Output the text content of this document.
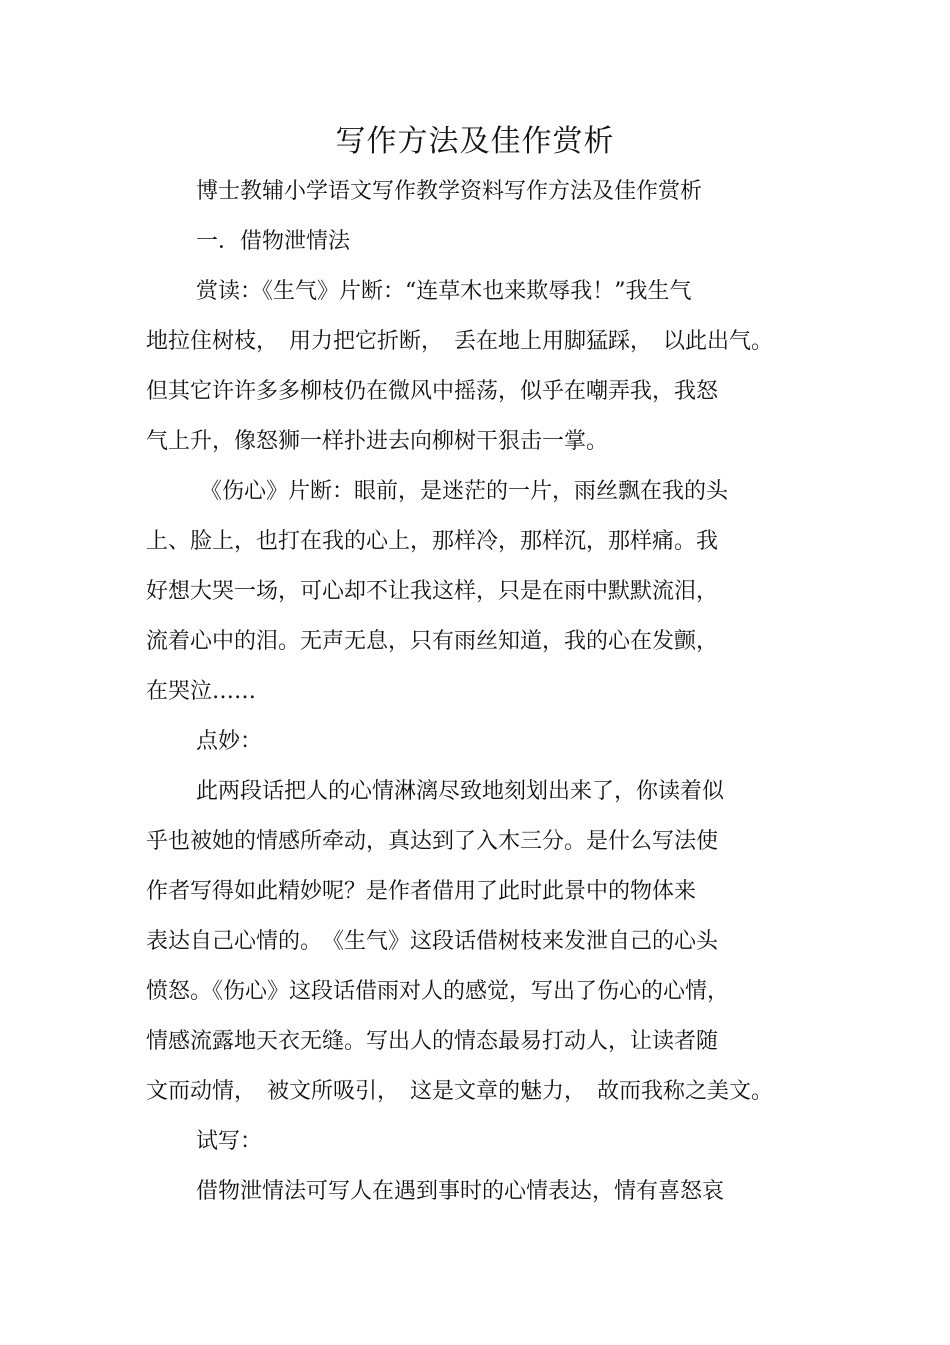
写作方法及佳作赏析
博士教辅小学语文写作教学资料写作方法及佳作赏析
一．借物泄情法
赏读：《生气》片断：“连草木也来欺辱我！”我生气
地拉住树枝，　用力把它折断，　丢在地上用脚猛踩，　以此出气。
但其它许许多多柳枝仍在微风中摇荡，似乎在嘲弄我，我怒
气上升，像怒狮一样扑进去向柳树干狠击一掌。
《伤心》片断：眼前，是迷茫的一片，雨丝飘在我的头
上、脸上，也打在我的心上，那样冷，那样沉，那样痛。我
好想大哭一场，可心却不让我这样，只是在雨中默默流泪，
流着心中的泪。无声无息，只有雨丝知道，我的心在发颤，
在哭泣……
点妙：
此两段话把人的心情淋漓尽致地刻划出来了，你读着似
乎也被她的情感所牵动，真达到了入木三分。是什么写法使
作者写得如此精妙呢？是作者借用了此时此景中的物体来
表达自己心情的。　《生气》这段话借树枝来发泄自己的心头
愤怒。《伤心》这段话借雨对人的感觉，写出了伤心的心情，
情感流露地天衣无缝。写出人的情态最易打动人，让读者随
文而动情，　被文所吸引，　这是文章的魅力，　故而我称之美文。
试写：
借物泄情法可写人在遇到事时的心情表达，情有喜怒哀
